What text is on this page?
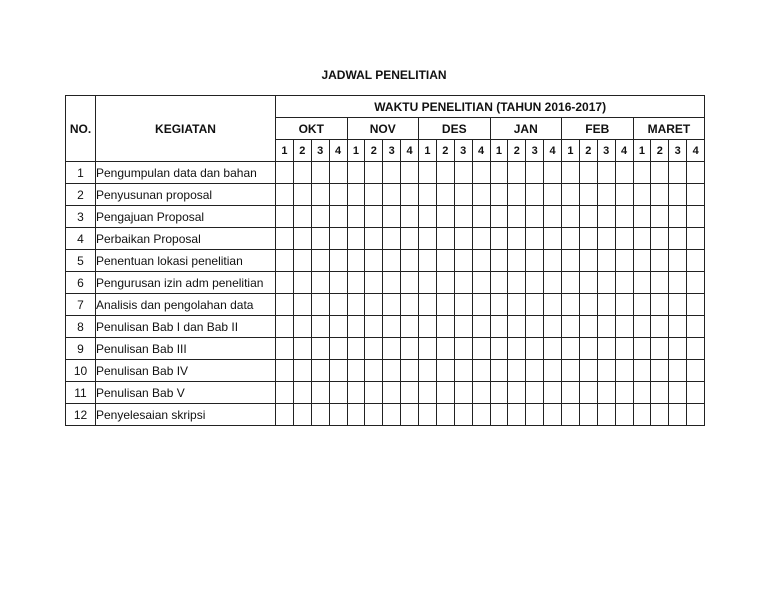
JADWAL PENELITIAN
NO.	KEGIATAN	WAKTU PENELITIAN (TAHUN 2016-2017)																							
		OKT				NOV				DES				JAN				FEB				MARET			
		1	2	3	4	1	2	3	4	1	2	3	4	1	2	3	4	1	2	3	4	1	2	3	4
1	Pengumpulan data dan bahan																								
2	Penyusunan proposal																								
3	Pengajuan Proposal																								
4	Perbaikan Proposal																								
5	Penentuan lokasi penelitian																								
6	Pengurusan izin adm penelitian																								
7	Analisis dan pengolahan data																								
8	Penulisan Bab I dan Bab II																								
9	Penulisan Bab III																								
10	Penulisan Bab IV																								
11	Penulisan Bab V																								
12	Penyelesaian skripsi																								
